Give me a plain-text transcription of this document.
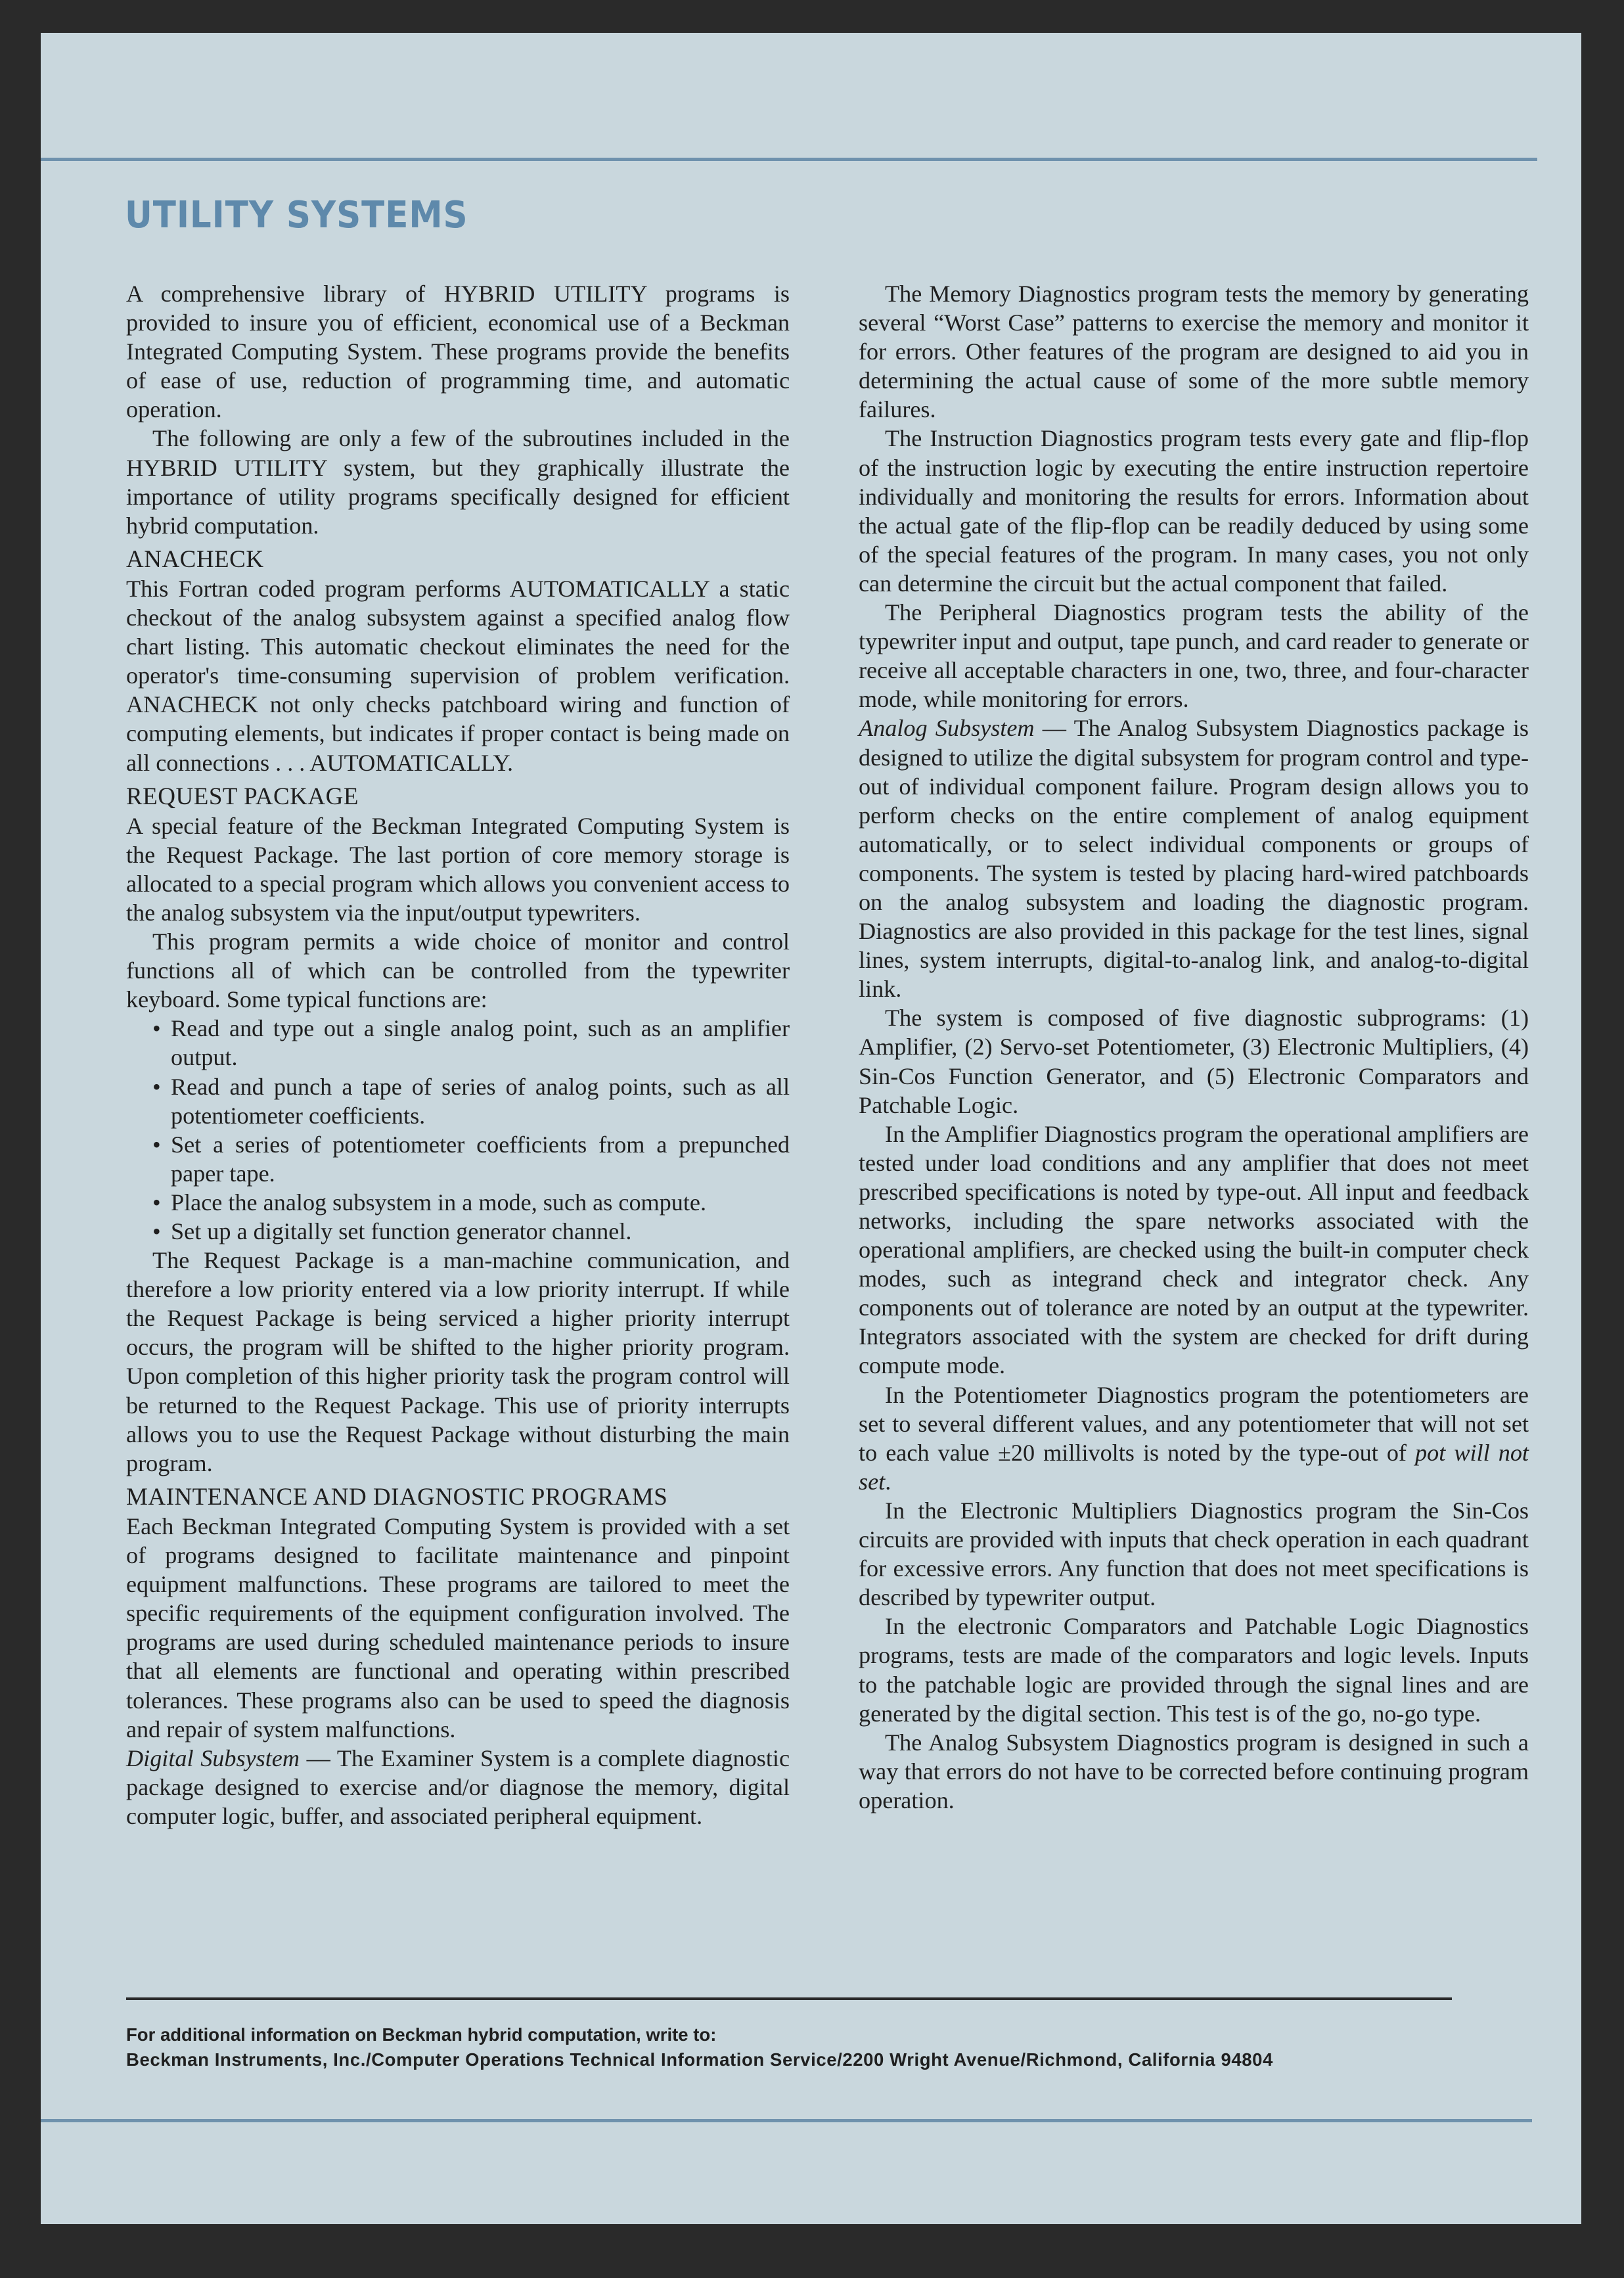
UTILITY SYSTEMS

A comprehensive library of HYBRID UTILITY programs is provided to insure you of efficient, economical use of a Beckman Integrated Computing System. These programs provide the benefits of ease of use, reduction of programming time, and automatic operation.

The following are only a few of the subroutines included in the HYBRID UTILITY system, but they graphically illustrate the importance of utility programs specifically designed for efficient hybrid computation.

ANACHECK

This Fortran coded program performs AUTOMATICALLY a static checkout of the analog subsystem against a specified analog flow chart listing. This automatic checkout eliminates the need for the operator's time-consuming supervision of problem verification. ANACHECK not only checks patchboard wiring and function of computing elements, but indicates if proper contact is being made on all connections . . . AUTOMATICALLY.

REQUEST PACKAGE

A special feature of the Beckman Integrated Computing System is the Request Package. The last portion of core memory storage is allocated to a special program which allows you convenient access to the analog subsystem via the input/output typewriters.

This program permits a wide choice of monitor and control functions all of which can be controlled from the typewriter keyboard. Some typical functions are:

• Read and type out a single analog point, such as an amplifier output.
• Read and punch a tape of series of analog points, such as all potentiometer coefficients.
• Set a series of potentiometer coefficients from a prepunched paper tape.
• Place the analog subsystem in a mode, such as compute.
• Set up a digitally set function generator channel.

The Request Package is a man-machine communication, and therefore a low priority entered via a low priority interrupt. If while the Request Package is being serviced a higher priority interrupt occurs, the program will be shifted to the higher priority program. Upon completion of this higher priority task the program control will be returned to the Request Package. This use of priority interrupts allows you to use the Request Package without disturbing the main program.

MAINTENANCE AND DIAGNOSTIC PROGRAMS

Each Beckman Integrated Computing System is provided with a set of programs designed to facilitate maintenance and pinpoint equipment malfunctions. These programs are tailored to meet the specific requirements of the equipment configuration involved. The programs are used during scheduled maintenance periods to insure that all elements are functional and operating within prescribed tolerances. These programs also can be used to speed the diagnosis and repair of system malfunctions.

Digital Subsystem — The Examiner System is a complete diagnostic package designed to exercise and/or diagnose the memory, digital computer logic, buffer, and associated peripheral equipment.

The Memory Diagnostics program tests the memory by generating several “Worst Case” patterns to exercise the memory and monitor it for errors. Other features of the program are designed to aid you in determining the actual cause of some of the more subtle memory failures.

The Instruction Diagnostics program tests every gate and flip-flop of the instruction logic by executing the entire instruction repertoire individually and monitoring the results for errors. Information about the actual gate of the flip-flop can be readily deduced by using some of the special features of the program. In many cases, you not only can determine the circuit but the actual component that failed.

The Peripheral Diagnostics program tests the ability of the typewriter input and output, tape punch, and card reader to generate or receive all acceptable characters in one, two, three, and four-character mode, while monitoring for errors.

Analog Subsystem — The Analog Subsystem Diagnostics package is designed to utilize the digital subsystem for program control and type-out of individual component failure. Program design allows you to perform checks on the entire complement of analog equipment automatically, or to select individual components or groups of components. The system is tested by placing hard-wired patchboards on the analog subsystem and loading the diagnostic program. Diagnostics are also provided in this package for the test lines, signal lines, system interrupts, digital-to-analog link, and analog-to-digital link.

The system is composed of five diagnostic subprograms: (1) Amplifier, (2) Servo-set Potentiometer, (3) Electronic Multipliers, (4) Sin-Cos Function Generator, and (5) Electronic Comparators and Patchable Logic.

In the Amplifier Diagnostics program the operational amplifiers are tested under load conditions and any amplifier that does not meet prescribed specifications is noted by type-out. All input and feedback networks, including the spare networks associated with the operational amplifiers, are checked using the built-in computer check modes, such as integrand check and integrator check. Any components out of tolerance are noted by an output at the typewriter. Integrators associated with the system are checked for drift during compute mode.

In the Potentiometer Diagnostics program the potentiometers are set to several different values, and any potentiometer that will not set to each value ±20 millivolts is noted by the type-out of pot will not set.

In the Electronic Multipliers Diagnostics program the Sin-Cos circuits are provided with inputs that check operation in each quadrant for excessive errors. Any function that does not meet specifications is described by typewriter output.

In the electronic Comparators and Patchable Logic Diagnostics programs, tests are made of the comparators and logic levels. Inputs to the patchable logic are provided through the signal lines and are generated by the digital section. This test is of the go, no-go type.

The Analog Subsystem Diagnostics program is designed in such a way that errors do not have to be corrected before continuing program operation.

For additional information on Beckman hybrid computation, write to:
Beckman Instruments, Inc./Computer Operations Technical Information Service/2200 Wright Avenue/Richmond, California 94804
